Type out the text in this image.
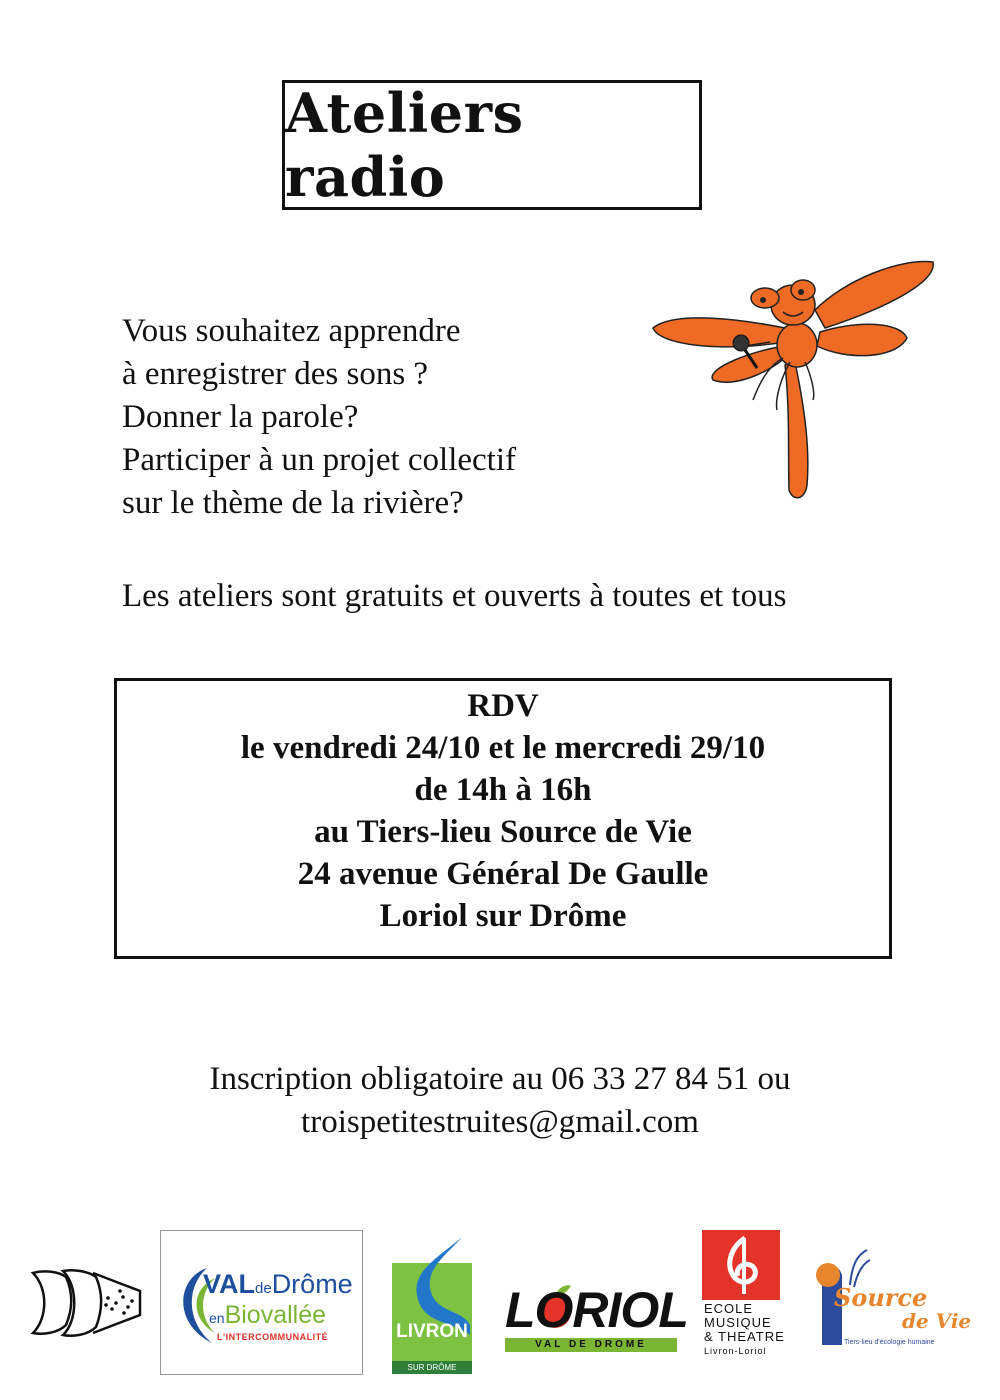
Ateliers radio
Vous souhaitez apprendre
à enregistrer des sons ?
Donner la parole?
Participer à un projet collectif
sur le thème de la rivière?
Les ateliers sont gratuits et ouverts à toutes et tous
RDV
le vendredi 24/10 et le mercredi 29/10
de 14h à 16h
au Tiers-lieu Source de Vie
24 avenue Général De Gaulle
Loriol sur Drôme
Inscription obligatoire au 06 33 27 84 51 ou
troispetitestruites@gmail.com
VALdeDrôme
enBiovallée
L'INTERCOMMUNALITÉ	LIVRON
SUR DRÔME
LORIOL
VAL DE DROME
ECOLE
MUSIQUE
& THEATRE
Livron-Loriol
Source
de Vie
Tiers-lieu d'écologie humaine
